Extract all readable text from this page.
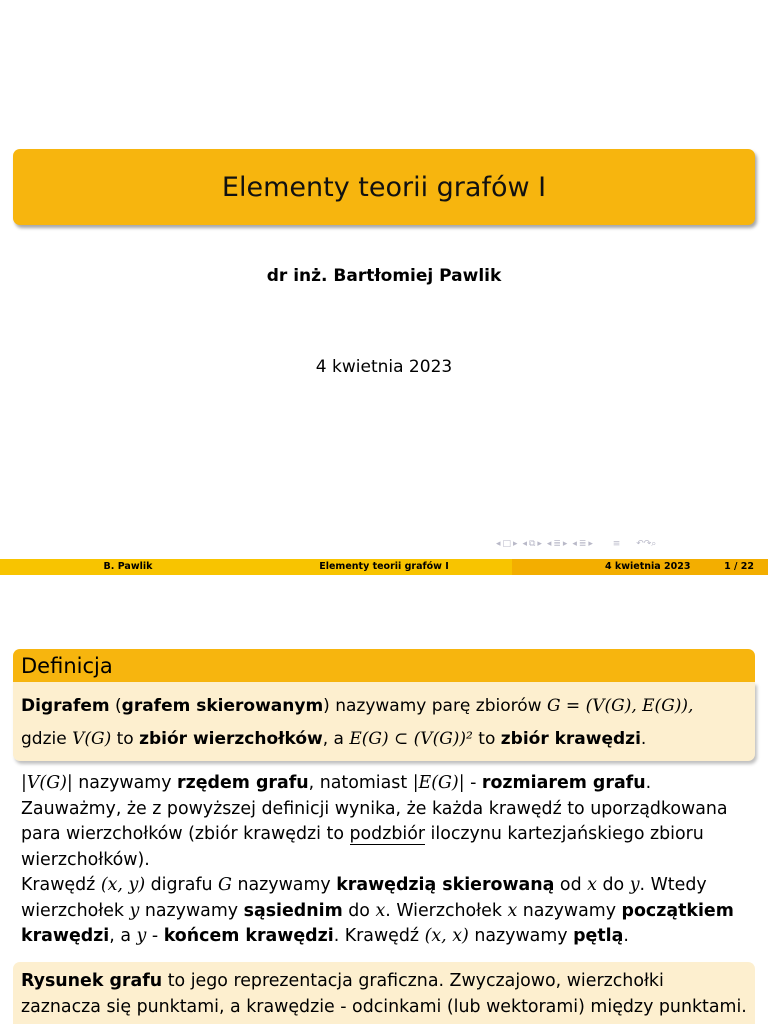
Elementy teorii grafów I
dr inż. Bartłomiej Pawlik
4 kwietnia 2023
◂ □ ▸ ◂ ⧉ ▸ ◂ ≣ ▸ ◂ ≣ ▸ ≡ ↶↷⌕
B. Pawlik	Elementy teorii grafów I	4 kwietnia 2023	1 / 22
Definicja
Digrafem (grafem skierowanym) nazywamy parę zbiorów G = (V(G), E(G)),
gdzie V(G) to zbiór wierzchołków, a E(G) ⊂ (V(G))² to zbiór krawędzi.
|V(G)| nazywamy rzędem grafu, natomiast |E(G)| - rozmiarem grafu.
Zauważmy, że z powyższej definicji wynika, że każda krawędź to uporządkowana para wierzchołków (zbiór krawędzi to podzbiór iloczynu kartezjańskiego zbioru wierzchołków).
Krawędź (x, y) digrafu G nazywamy krawędzią skierowaną od x do y. Wtedy wierzchołek y nazywamy sąsiednim do x. Wierzchołek x nazywamy początkiem krawędzi, a y - końcem krawędzi. Krawędź (x, x) nazywamy pętlą.
Rysunek grafu to jego reprezentacja graficzna. Zwyczajowo, wierzchołki zaznacza się punktami, a krawędzie - odcinkami (lub wektorami) między punktami.
